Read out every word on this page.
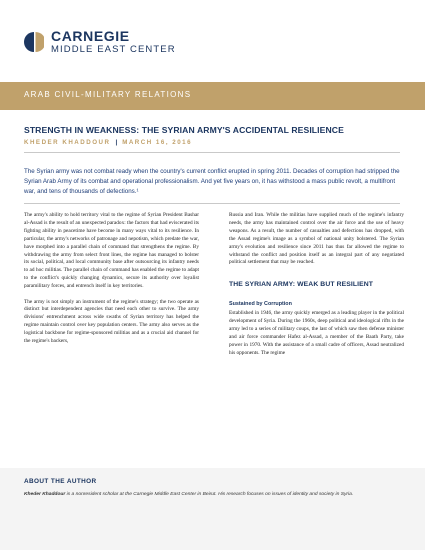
CARNEGIE
MIDDLE EAST CENTER
ARAB CIVIL-MILITARY RELATIONS
STRENGTH IN WEAKNESS: THE SYRIAN ARMY'S ACCIDENTAL RESILIENCE
KHEDER KHADDOUR | MARCH 16, 2016
The Syrian army was not combat ready when the country's current conflict erupted in spring 2011. Decades of corruption had stripped the Syrian Arab Army of its combat and operational professionalism. And yet five years on, it has withstood a mass public revolt, a multifront war, and tens of thousands of defections.¹

The army's ability to hold territory vital to the regime of Syrian President Bashar al-Assad is the result of an unexpected paradox: the factors that had eviscerated its fighting ability in peacetime have become in many ways vital to its resilience. In particular, the army's networks of patronage and nepotism, which predate the war, have morphed into a parallel chain of command that strengthens the regime. By withdrawing the army from select front lines, the regime has managed to bolster its social, political, and local community base after outsourcing its infantry needs to ad hoc militias. The parallel chain of command has enabled the regime to adapt to the conflict's quickly changing dynamics, secure its authority over loyalist paramilitary forces, and entrench itself in key territories.

The army is not simply an instrument of the regime's strategy; the two operate as distinct but interdependent agencies that need each other to survive. The army divisions' entrenchment across wide swaths of Syrian territory has helped the regime maintain control over key population centers. The army also serves as the logistical backbone for regime-sponsored militias and as a crucial aid channel for the regime's backers,

Russia and Iran. While the militias have supplied much of the regime's infantry needs, the army has maintained control over the air force and the use of heavy weapons. As a result, the number of casualties and defections has dropped, with the Assad regime's image as a symbol of national unity bolstered. The Syrian army's evolution and resilience since 2011 has thus far allowed the regime to withstand the conflict and position itself as an integral part of any negotiated political settlement that may be reached.

THE SYRIAN ARMY: WEAK BUT RESILIENT
Sustained by Corruption

Established in 1946, the army quickly emerged as a leading player in the political development of Syria. During the 1960s, deep political and ideological rifts in the army led to a series of military coups, the last of which saw then defense minister and air force commander Hafez al-Assad, a member of the Baath Party, take power in 1970. With the assistance of a small cadre of officers, Assad neutralized his opponents. The regime

ABOUT THE AUTHOR
Kheder Khaddour is a nonresident scholar at the Carnegie Middle East Center in Beirut. His research focuses on issues of identity and society in Syria.
